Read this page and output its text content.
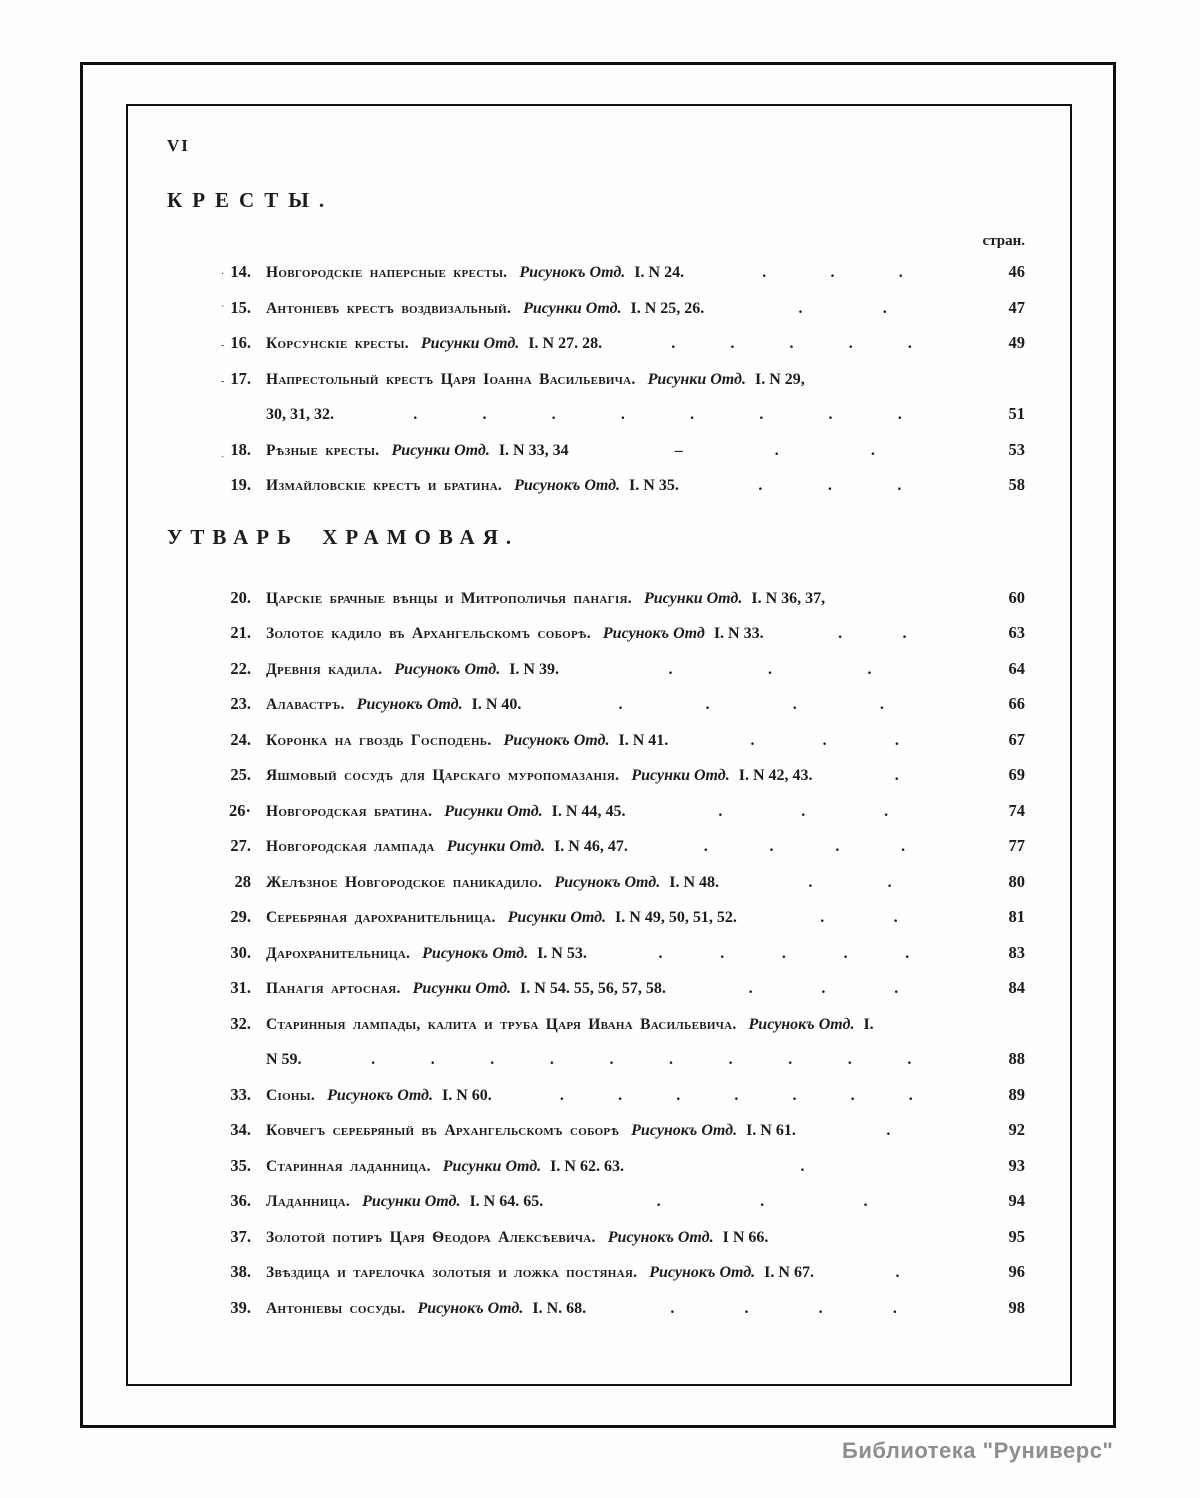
VI
КРЕСТЫ.
стран.
· 14. Новгородскіе наперсные кресты. Рисунокъ Отд. I. N 24.	.	.	.	46
ˊ 15. Антоніевъ крестъ воздвизальный. Рисунки Отд. I. N 25, 26.	.	.	47
‐ 16. Корсунскіе кресты. Рисунки Отд. I. N 27. 28.	.	.	.	.	.	49
- 17. Напрестольный крестъ Царя Іоанна Васильевича. Рисунки Отд. I. N 29,
30, 31, 32.	.	.	.	.	.	.	.	.	51
ˏ 18. Рѣзные кресты. Рисунки Отд. I. N 33, 34	–	.	.	53
19. Измайловскіе крестъ и братина. Рисунокъ Отд. I. N 35.	.	.	.	58
УТВАРЬ ХРАМОВАЯ.
20. Царскіе брачные вѣнцы и Митрополичья панагія. Рисунки Отд. I. N 36, 37,	60
21. Золотое кадило въ Архангельскомъ соборѣ. Рисунокъ Отд I. N 33.	.	.	63
22. Древнія кадила. Рисунокъ Отд. I. N 39.	.	.	.	64
23. Алавастръ. Рисунокъ Отд. I. N 40.	.	.	.	.	66
24. Коронка на гвоздь Господень. Рисунокъ Отд. I. N 41.	.	.	.	67
25. Яшмовый сосудъ для Царскаго муропомазанія. Рисунки Отд. I. N 42, 43.	.	69
26· Новгородская братина. Рисунки Отд. I. N 44, 45.	.	.	.	74
27. Новгородская лампада Рисунки Отд. I. N 46, 47.	.	.	.	.	77
28 Желѣзное Новгородское паникадило. Рисунокъ Отд. I. N 48.	.	.	80
29. Серебряная дарохранительница. Рисунки Отд. I. N 49, 50, 51, 52.	.	.	81
30. Дарохранительница. Рисунокъ Отд. I. N 53.	.	.	.	.	.	83
31. Панагія артосная. Рисунки Отд. I. N 54. 55, 56, 57, 58.	.	.	.	84
32. Старинныя лампады, калита и труба Царя Ивана Васильевича. Рисунокъ Отд. I.
N 59.	.	.	.	.	.	.	.	.	.	.	88
33. Сіоны. Рисунокъ Отд. I. N 60.	.	.	.	.	.	.	.	89
34. Ковчегъ серебряный въ Архангельскомъ соборѣ Рисунокъ Отд. I. N 61.	.	92
35. Старинная ладанница. Рисунки Отд. I. N 62. 63.	.	93
36. Ладанница. Рисунки Отд. I. N 64. 65.	.	.	.	94
37. Золотой потиръ Царя Ѳеодора Алексѣевича. Рисунокъ Отд. I N 66.	95
38. Звѣздица и тарелочка золотыя и ложка постяная. Рисунокъ Отд. I. N 67.	.	96
39. Антоніевы сосуды. Рисунокъ Отд. I. N. 68.	.	.	.	.	98
Библиотека "Руниверс"
